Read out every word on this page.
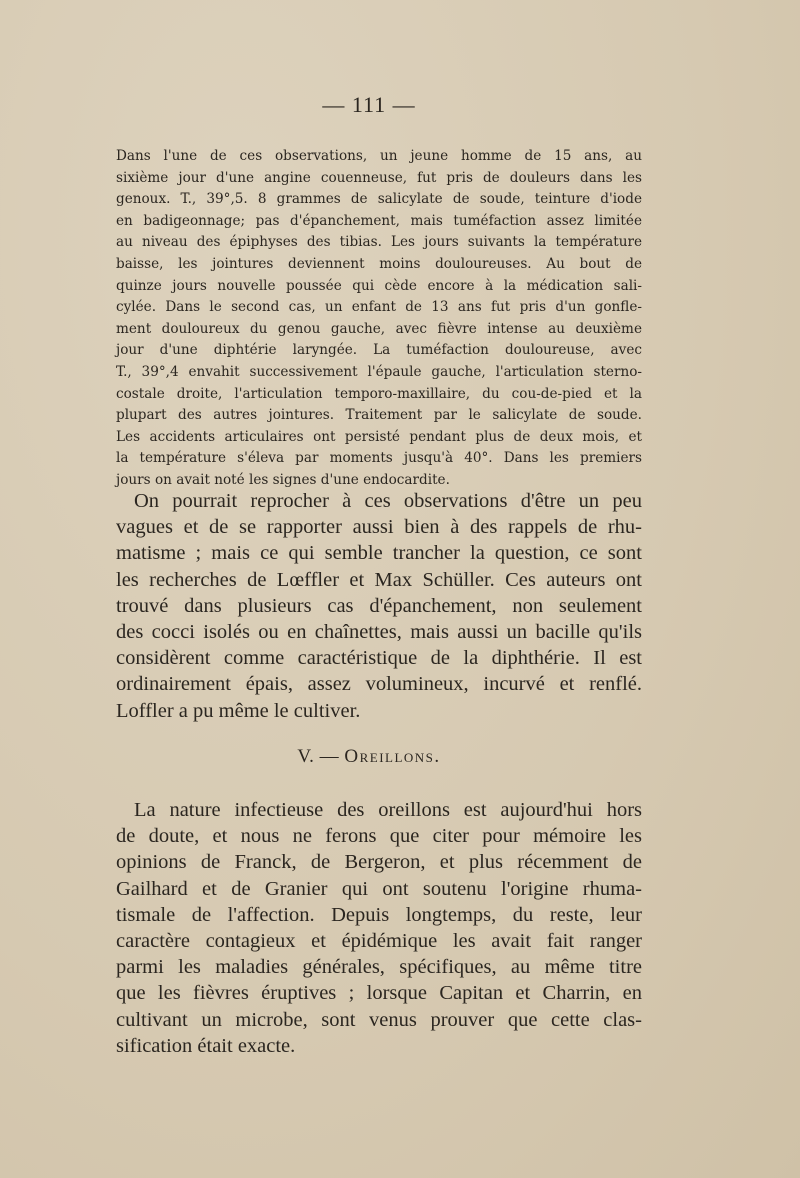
— 111 —
Dans l'une de ces observations, un jeune homme de 15 ans, au
sixième jour d'une angine couenneuse, fut pris de douleurs dans les
genoux. T., 39°,5. 8 grammes de salicylate de soude, teinture d'iode
en badigeonnage; pas d'épanchement, mais tuméfaction assez limitée
au niveau des épiphyses des tibias. Les jours suivants la température
baisse, les jointures deviennent moins douloureuses. Au bout de
quinze jours nouvelle poussée qui cède encore à la médication sali-
cylée. Dans le second cas, un enfant de 13 ans fut pris d'un gonfle-
ment douloureux du genou gauche, avec fièvre intense au deuxième
jour d'une diphtérie laryngée. La tuméfaction douloureuse, avec
T., 39°,4 envahit successivement l'épaule gauche, l'articulation sterno-
costale droite, l'articulation temporo-maxillaire, du cou-de-pied et la
plupart des autres jointures. Traitement par le salicylate de soude.
Les accidents articulaires ont persisté pendant plus de deux mois, et
la température s'éleva par moments jusqu'à 40°. Dans les premiers
jours on avait noté les signes d'une endocardite.
On pourrait reprocher à ces observations d'être un peu
vagues et de se rapporter aussi bien à des rappels de rhu-
matisme ; mais ce qui semble trancher la question, ce sont
les recherches de Lœffler et Max Schüller. Ces auteurs ont
trouvé dans plusieurs cas d'épanchement, non seulement
des cocci isolés ou en chaînettes, mais aussi un bacille qu'ils
considèrent comme caractéristique de la diphthérie. Il est
ordinairement épais, assez volumineux, incurvé et renflé.
Loffler a pu même le cultiver.
V. — Oreillons.
La nature infectieuse des oreillons est aujourd'hui hors
de doute, et nous ne ferons que citer pour mémoire les
opinions de Franck, de Bergeron, et plus récemment de
Gailhard et de Granier qui ont soutenu l'origine rhuma-
tismale de l'affection. Depuis longtemps, du reste, leur
caractère contagieux et épidémique les avait fait ranger
parmi les maladies générales, spécifiques, au même titre
que les fièvres éruptives ; lorsque Capitan et Charrin, en
cultivant un microbe, sont venus prouver que cette clas-
sification était exacte.
